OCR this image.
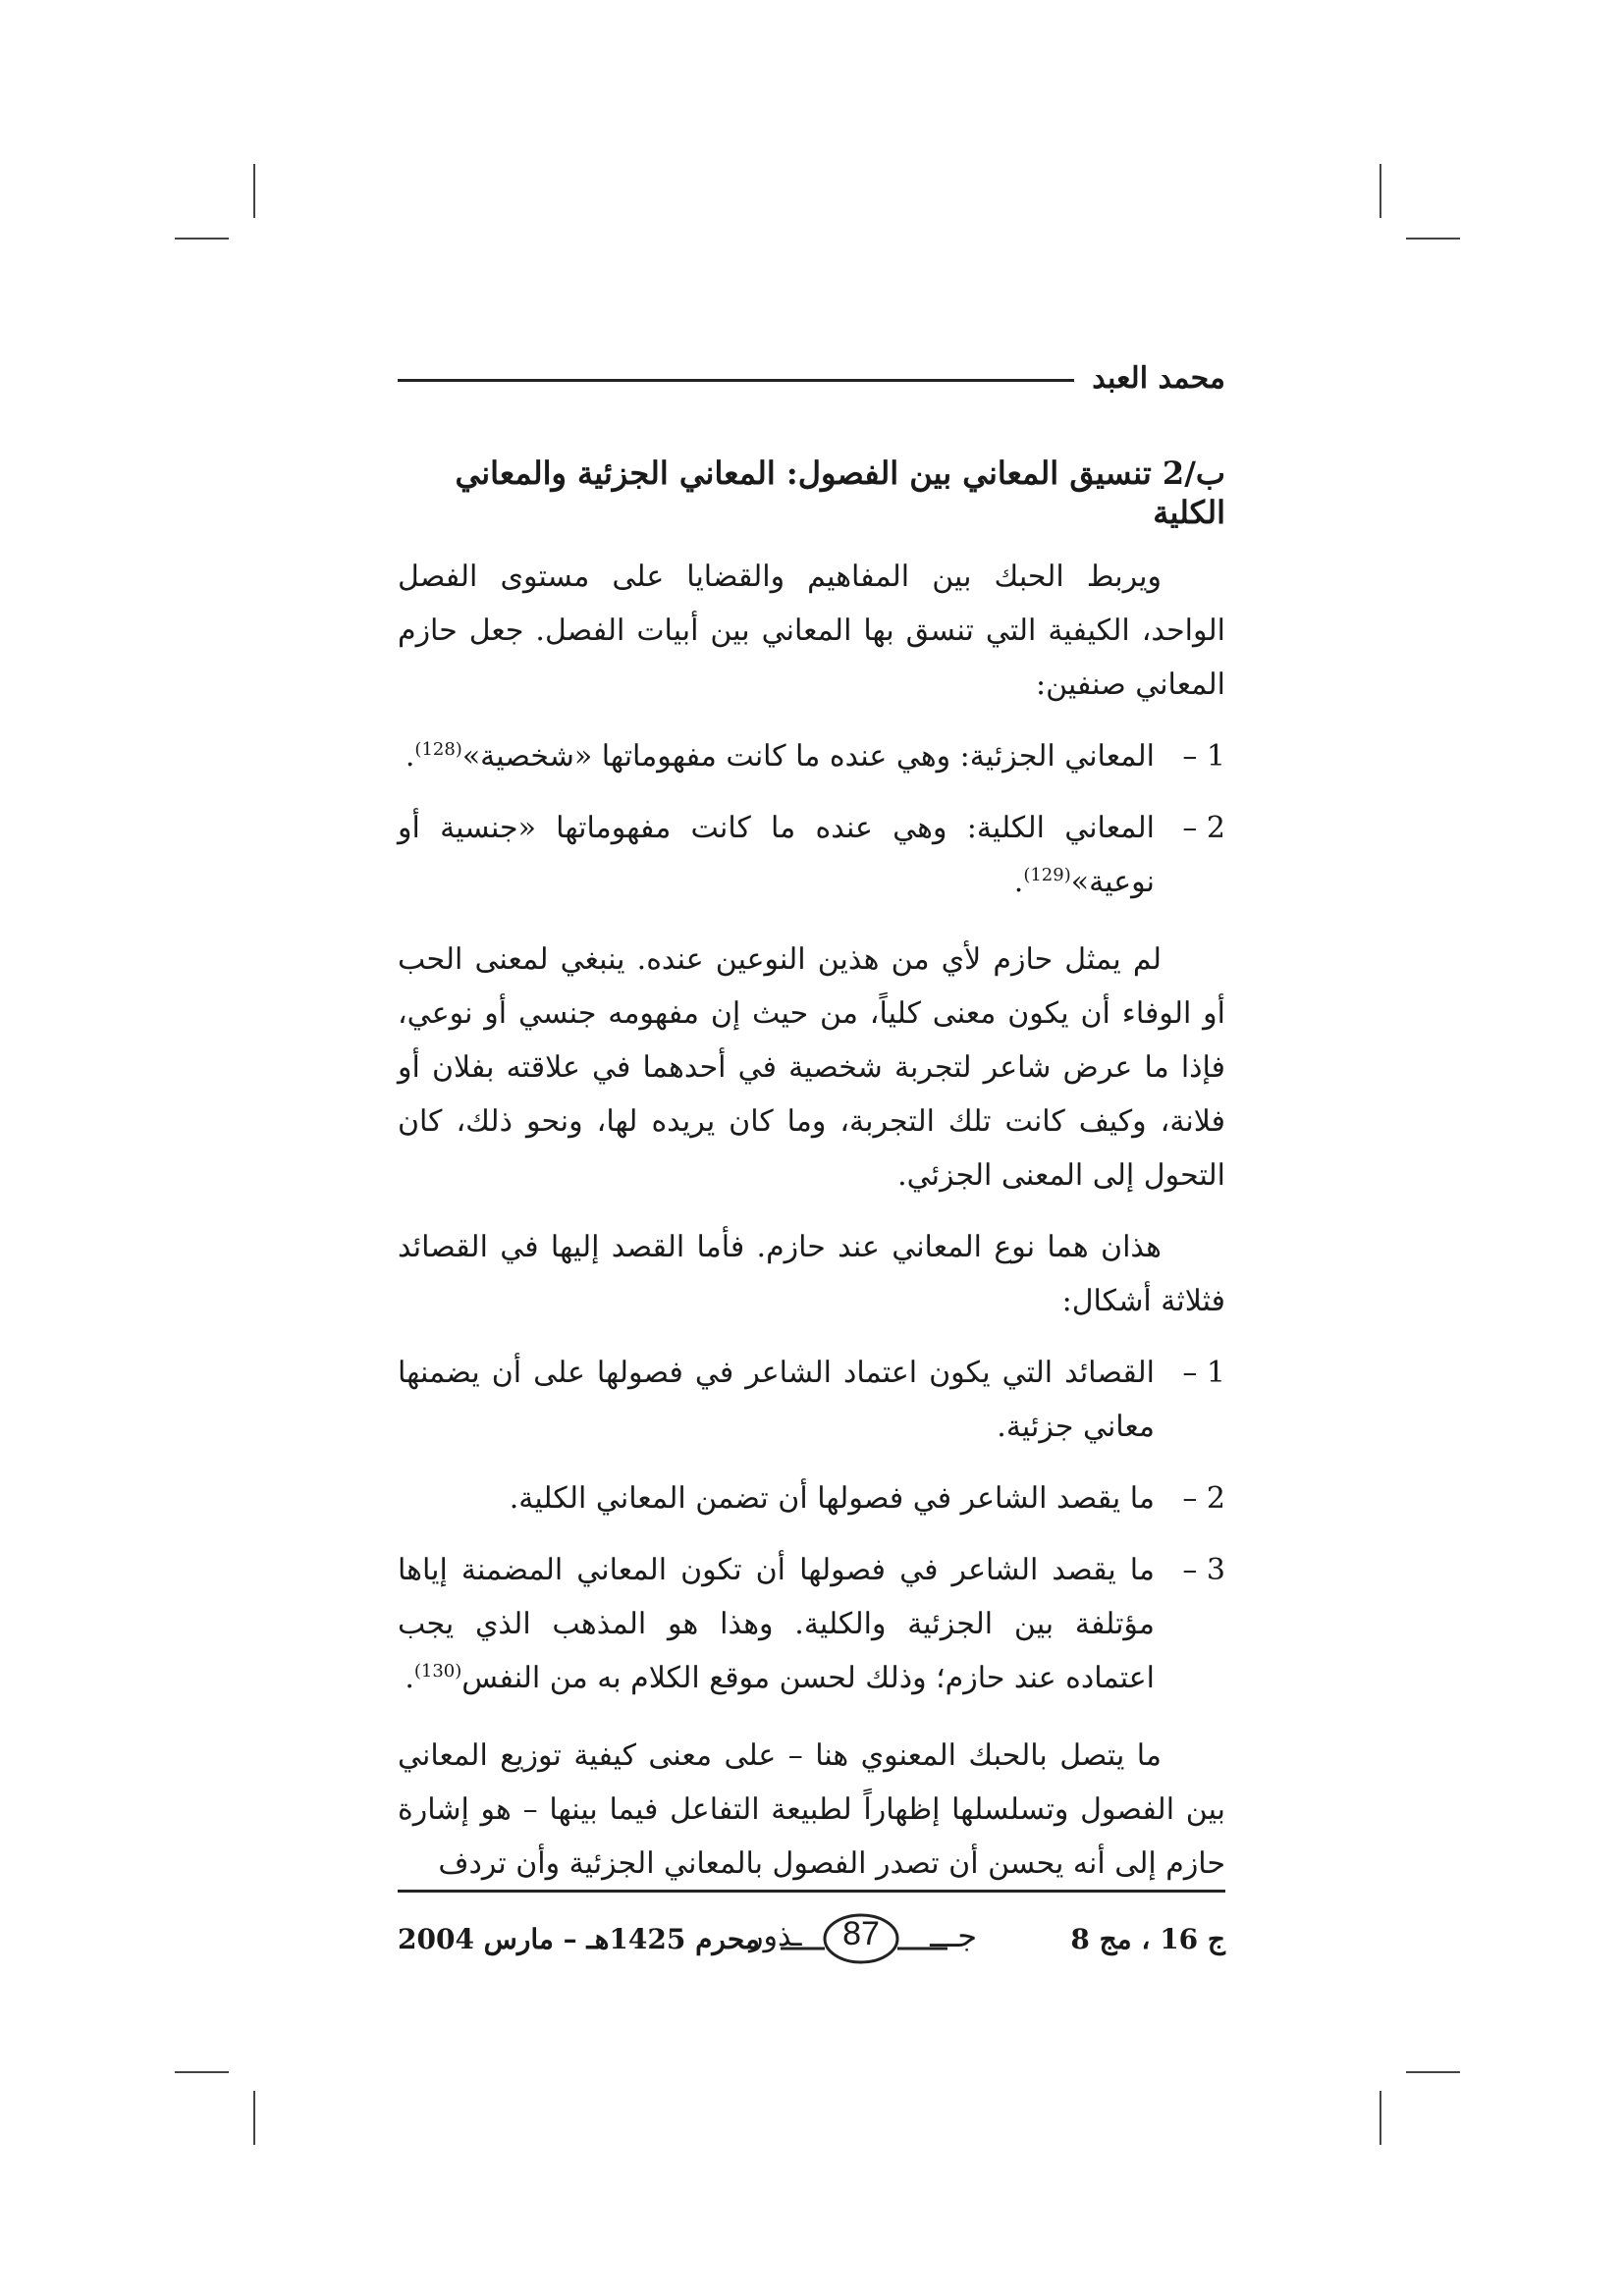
محمد العبد
ب/2 تنسيق المعاني بين الفصول: المعاني الجزئية والمعاني الكلية
ويربط الحبك بين المفاهيم والقضايا على مستوى الفصل الواحد، الكيفية التي تنسق بها المعاني بين أبيات الفصل. جعل حازم المعاني صنفين:
1 –
المعاني الجزئية: وهي عنده ما كانت مفهوماتها «شخصية»$^{(128)}$.
2 –
المعاني الكلية: وهي عنده ما كانت مفهوماتها «جنسية أو نوعية»$^{(129)}$.
لم يمثل حازم لأي من هذين النوعين عنده. ينبغي لمعنى الحب أو الوفاء أن يكون معنى كلياً، من حيث إن مفهومه جنسي أو نوعي، فإذا ما عرض شاعر لتجربة شخصية في أحدهما في علاقته بفلان أو فلانة، وكيف كانت تلك التجربة، وما كان يريده لها، ونحو ذلك، كان التحول إلى المعنى الجزئي.
هذان هما نوع المعاني عند حازم. فأما القصد إليها في القصائد فثلاثة أشكال:
1 –
القصائد التي يكون اعتماد الشاعر في فصولها على أن يضمنها معاني جزئية.
2 –
ما يقصد الشاعر في فصولها أن تضمن المعاني الكلية.
3 –
ما يقصد الشاعر في فصولها أن تكون المعاني المضمنة إياها مؤتلفة بين الجزئية والكلية. وهذا هو المذهب الذي يجب اعتماده عند حازم؛ وذلك لحسن موقع الكلام به من النفس$^{(130)}$.
ما يتصل بالحبك المعنوي هنا – على معنى كيفية توزيع المعاني بين الفصول وتسلسلها إظهاراً لطبيعة التفاعل فيما بينها – هو إشارة حازم إلى أنه يحسن أن تصدر الفصول بالمعاني الجزئية وأن تردف
ج 16 ، مج 8
جـــ
87
ـذور
محرم 1425هـ – مارس 2004
